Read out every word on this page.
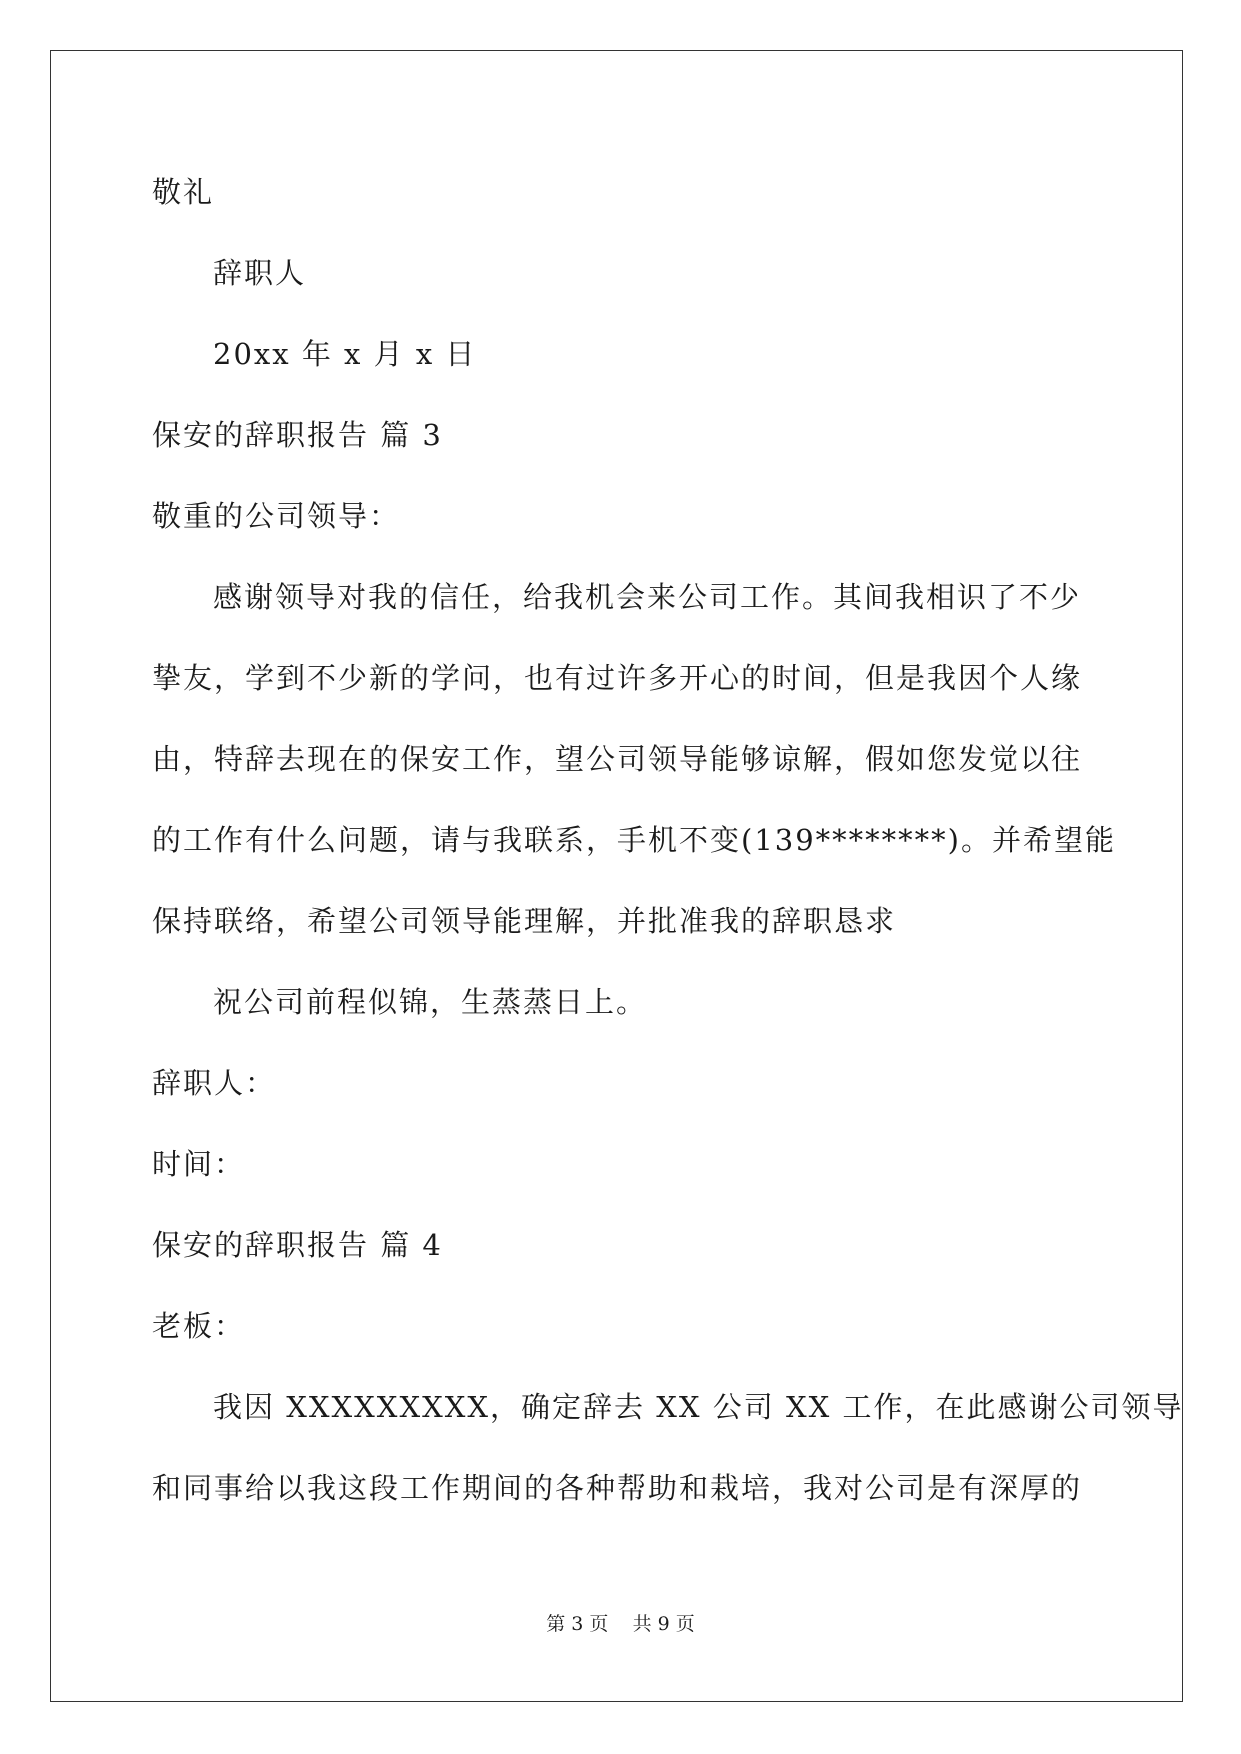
敬礼
辞职人
20xx 年 x 月 x 日
保安的辞职报告 篇 3
敬重的公司领导：
感谢领导对我的信任，给我机会来公司工作。其间我相识了不少
挚友，学到不少新的学问，也有过许多开心的时间，但是我因个人缘
由，特辞去现在的保安工作，望公司领导能够谅解，假如您发觉以往
的工作有什么问题，请与我联系，手机不变(139********)。并希望能
保持联络，希望公司领导能理解，并批准我的辞职恳求
祝公司前程似锦，生蒸蒸日上。
辞职人：
时间：
保安的辞职报告 篇 4
老板：
我因 XXXXXXXXX，确定辞去 XX 公司 XX 工作，在此感谢公司领导
和同事给以我这段工作期间的各种帮助和栽培，我对公司是有深厚的
第 3 页    共 9 页
